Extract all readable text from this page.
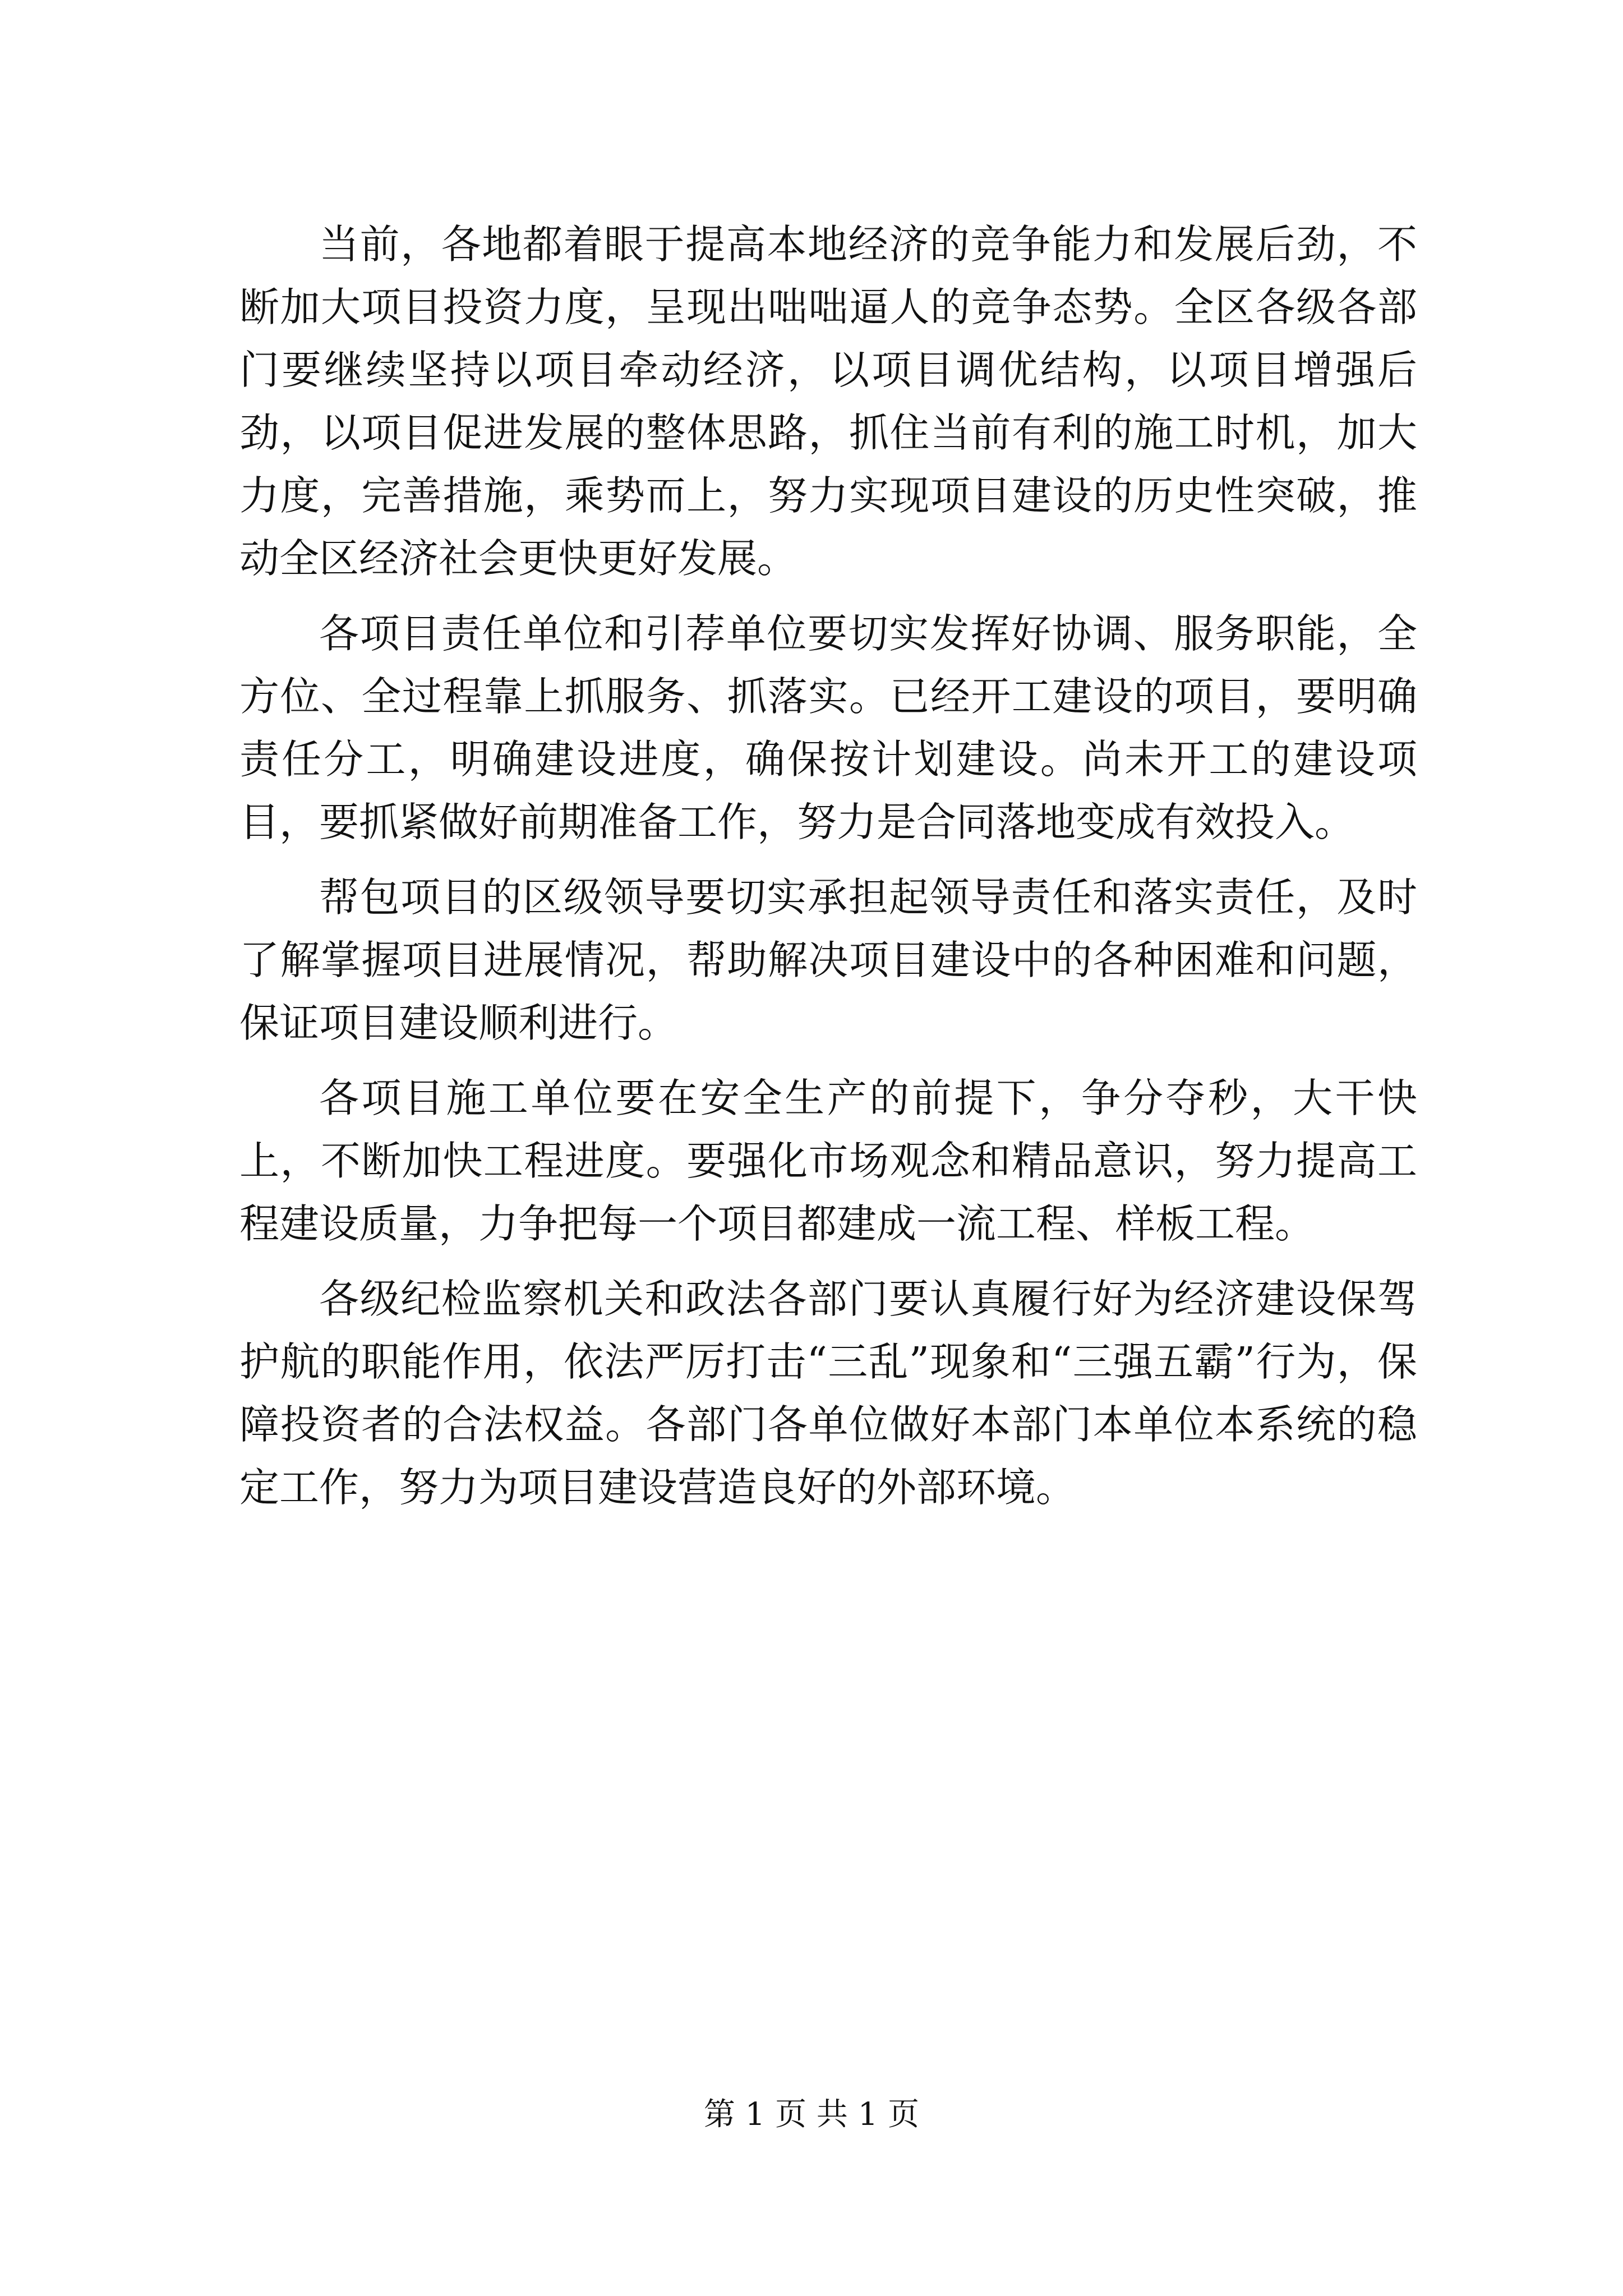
当前，各地都着眼于提高本地经济的竞争能力和发展后劲，不断加大项目投资力度，呈现出咄咄逼人的竞争态势。全区各级各部门要继续坚持以项目牵动经济，以项目调优结构，以项目增强后劲，以项目促进发展的整体思路，抓住当前有利的施工时机，加大力度，完善措施，乘势而上，努力实现项目建设的历史性突破，推动全区经济社会更快更好发展。

各项目责任单位和引荐单位要切实发挥好协调、服务职能，全方位、全过程靠上抓服务、抓落实。已经开工建设的项目，要明确责任分工，明确建设进度，确保按计划建设。尚未开工的建设项目，要抓紧做好前期准备工作，努力是合同落地变成有效投入。

帮包项目的区级领导要切实承担起领导责任和落实责任，及时了解掌握项目进展情况，帮助解决项目建设中的各种困难和问题，保证项目建设顺利进行。

各项目施工单位要在安全生产的前提下，争分夺秒，大干快上，不断加快工程进度。要强化市场观念和精品意识，努力提高工程建设质量，力争把每一个项目都建成一流工程、样板工程。

各级纪检监察机关和政法各部门要认真履行好为经济建设保驾护航的职能作用，依法严厉打击“三乱”现象和“三强五霸”行为，保障投资者的合法权益。各部门各单位做好本部门本单位本系统的稳定工作，努力为项目建设营造良好的外部环境。

第 1 页 共 1 页
